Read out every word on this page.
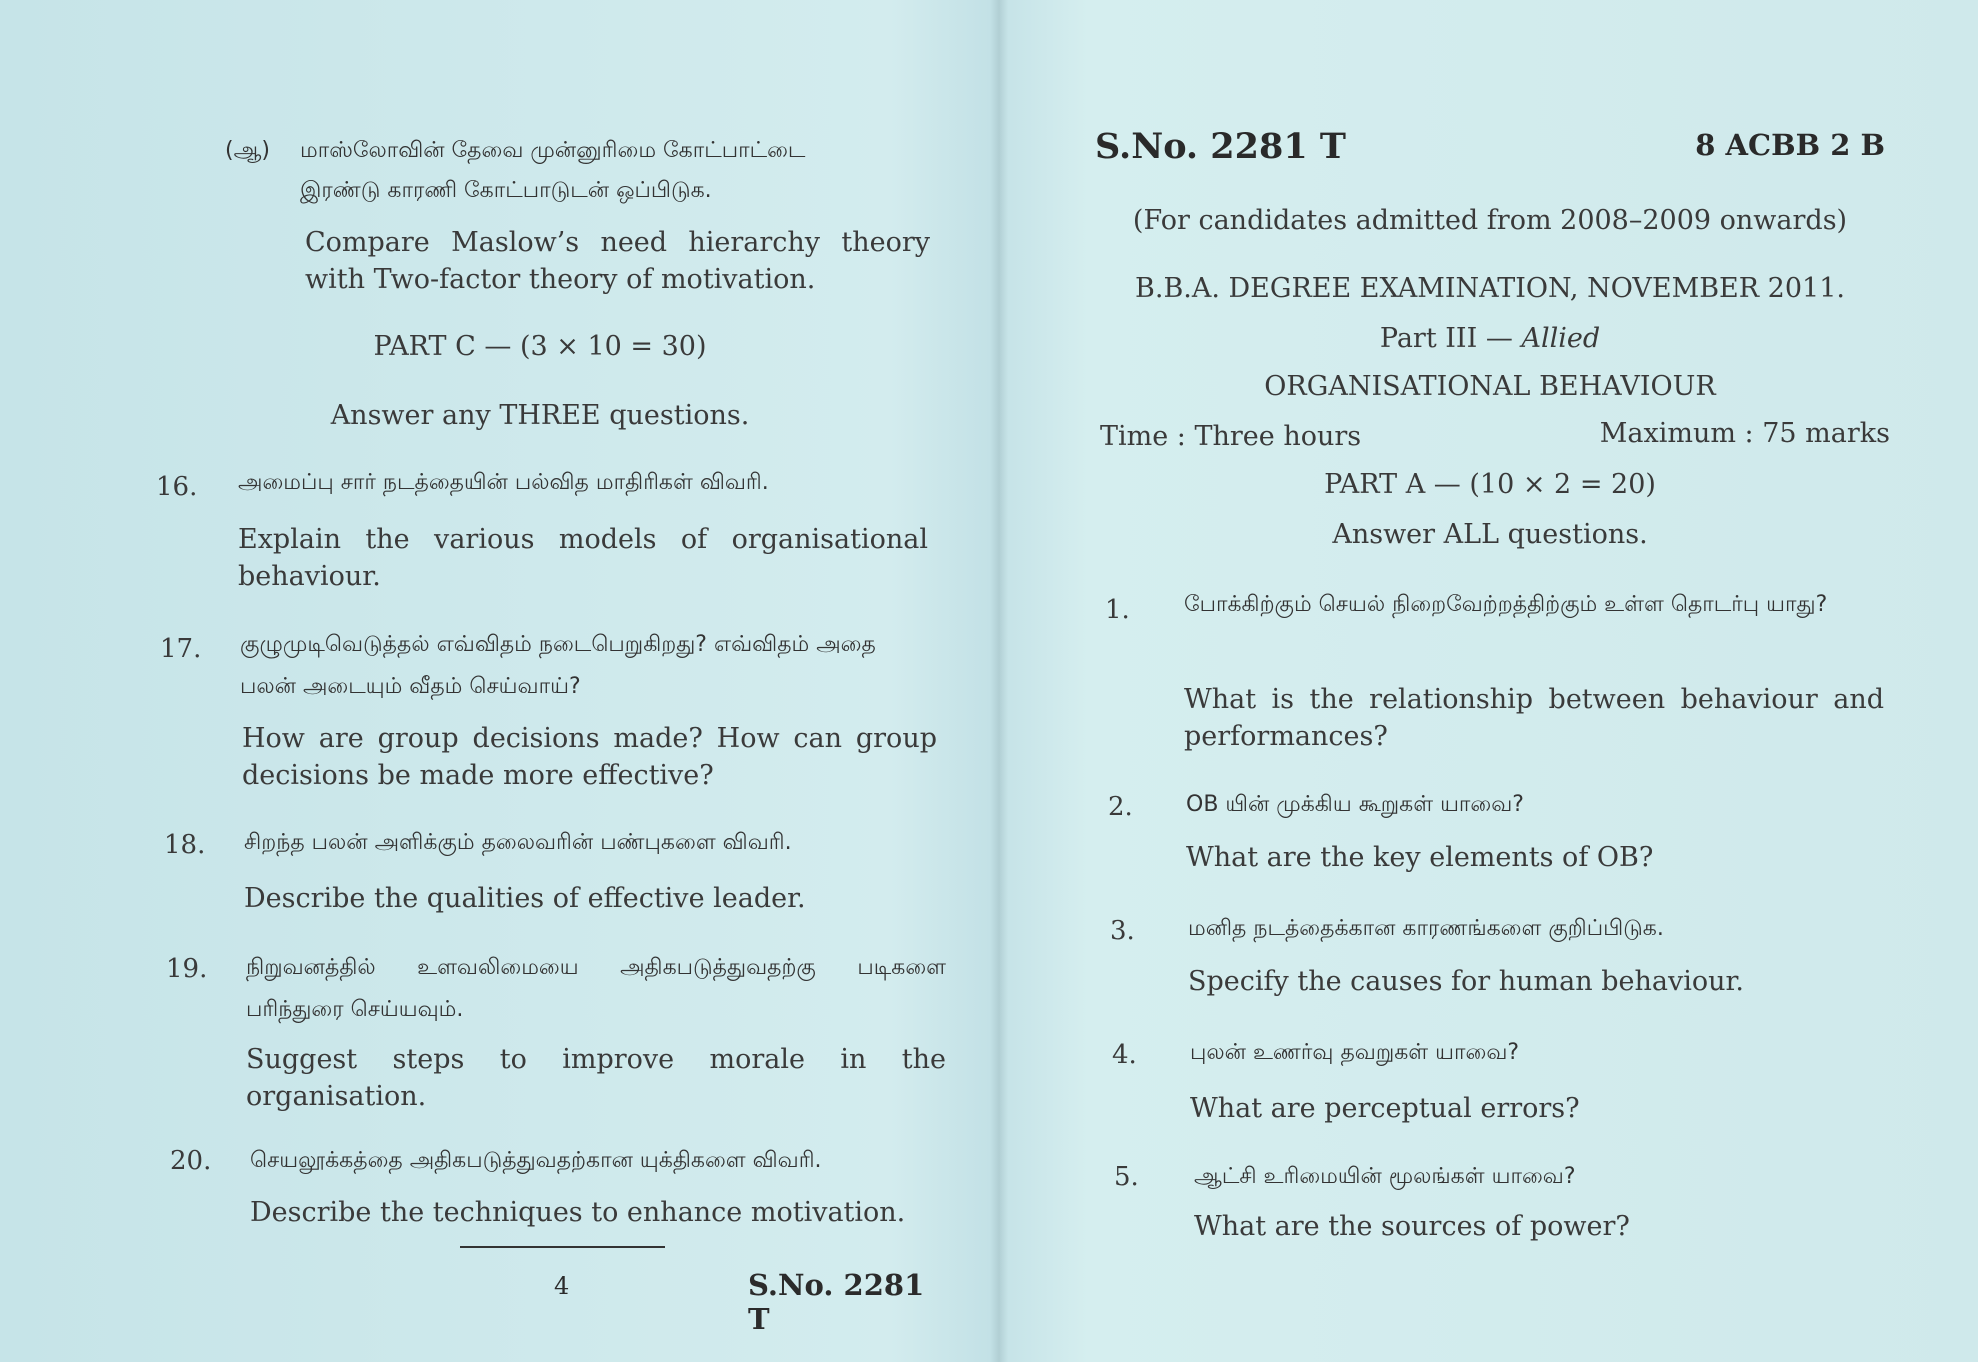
(ஆ) மாஸ்லோவின் தேவை முன்னுரிமை கோட்பாட்டை
இரண்டு காரணி கோட்பாடுடன் ஒப்பிடுக.
Compare Maslow’s need hierarchy theory with Two-factor theory of motivation.
PART C — (3 × 10 = 30)
Answer any THREE questions.
16. அமைப்பு சார் நடத்தையின் பல்வித மாதிரிகள் விவரி.
Explain the various models of organisational behaviour.
17. குழுமுடிவெடுத்தல் எவ்விதம் நடைபெறுகிறது? எவ்விதம் அதை பலன் அடையும் வீதம் செய்வாய்?
How are group decisions made? How can group decisions be made more effective?
18. சிறந்த பலன் அளிக்கும் தலைவரின் பண்புகளை விவரி.
Describe the qualities of effective leader.
19. நிறுவனத்தில் உளவலிமையை அதிகபடுத்துவதற்கு படிகளை பரிந்துரை செய்யவும்.
Suggest steps to improve morale in the organisation.
20. செயலூக்கத்தை அதிகபடுத்துவதற்கான யுக்திகளை விவரி.
Describe the techniques to enhance motivation.
4	S.No. 2281 T
S.No. 2281 T	8 ACBB 2 B
(For candidates admitted from 2008–2009 onwards)
B.B.A. DEGREE EXAMINATION, NOVEMBER 2011.
Part III — Allied
ORGANISATIONAL BEHAVIOUR
Time : Three hours	Maximum : 75 marks
PART A — (10 × 2 = 20)
Answer ALL questions.
1. போக்கிற்கும் செயல் நிறைவேற்றத்திற்கும் உள்ள தொடர்பு யாது?
What is the relationship between behaviour and performances?
2. OB யின் முக்கிய கூறுகள் யாவை?
What are the key elements of OB?
3. மனித நடத்தைக்கான காரணங்களை குறிப்பிடுக.
Specify the causes for human behaviour.
4. புலன் உணர்வு தவறுகள் யாவை?
What are perceptual errors?
5.	ஆட்சி உரிமையின் மூலங்கள் யாவை?
What are the sources of power?
